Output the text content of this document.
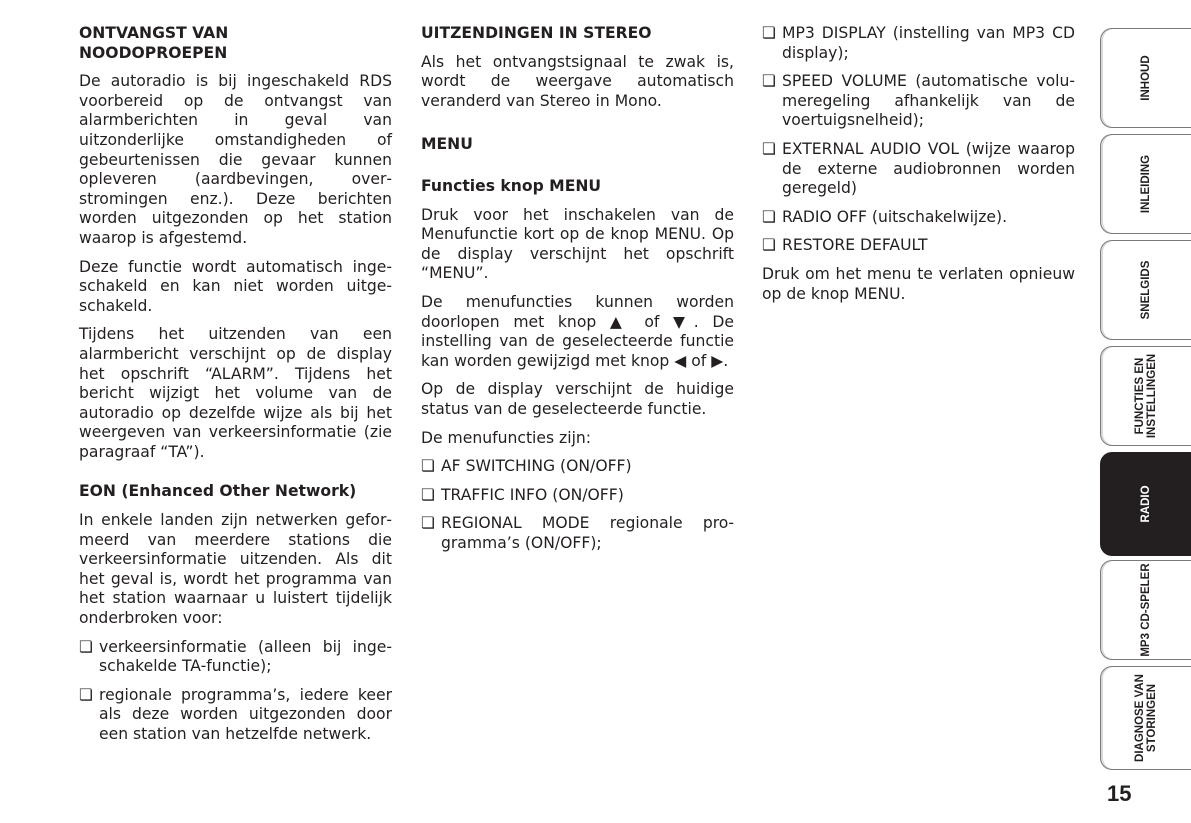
ONTVANGST VAN
NOODOPROEPEN
De autoradio is bij ingeschakeld RDS voorbereid op de ontvangst van alarmberichten in geval van uitzonderlijke omstandigheden of gebeurtenissen die gevaar kunnen opleveren (aardbevingen, overstromingen enz.). Deze berichten worden uitgezonden op het station waarop is afgestemd.
Deze functie wordt automatisch ingeschakeld en kan niet worden uitgeschakeld.
Tijdens het uitzenden van een alarmbericht verschijnt op de display het opschrift “ALARM”. Tijdens het bericht wijzigt het volume van de autoradio op dezelfde wijze als bij het weergeven van verkeersinformatie (zie paragraaf “TA”).
EON (Enhanced Other Network)
In enkele landen zijn netwerken geformeerd van meerdere stations die verkeersinformatie uitzenden. Als dit het geval is, wordt het programma van het station waarnaar u luistert tijdelijk onderbroken voor:
❏ verkeersinformatie (alleen bij ingeschakelde TA-functie);
❏ regionale programma’s, iedere keer als deze worden uitgezonden door een station van hetzelfde netwerk.
UITZENDINGEN IN STEREO
Als het ontvangstsignaal te zwak is, wordt de weergave automatisch veranderd van Stereo in Mono.
MENU
Functies knop MENU
Druk voor het inschakelen van de Menufunctie kort op de knop MENU. Op de display verschijnt het opschrift “MENU”.
De menufuncties kunnen worden doorlopen met knop ▲ of ▼. De instelling van de geselecteerde functie kan worden gewijzigd met knop ◀ of ▶.
Op de display verschijnt de huidige status van de geselecteerde functie.
De menufuncties zijn:
❏ AF SWITCHING (ON/OFF)
❏ TRAFFIC INFO (ON/OFF)
❏ REGIONAL MODE regionale programma’s (ON/OFF);
❏ MP3 DISPLAY (instelling van MP3 CD display);
❏ SPEED VOLUME (automatische volumeregeling afhankelijk van de voertuigsnelheid);
❏ EXTERNAL AUDIO VOL (wijze waarop de externe audiobronnen worden geregeld)
❏ RADIO OFF (uitschakelwijze).
❏ RESTORE DEFAULT
Druk om het menu te verlaten opnieuw op de knop MENU.
INHOUD
INLEIDING
SNELGIDS
FUNCTIES EN
INSTELLINGEN
RADIO
MP3 CD-SPELER
DIAGNOSE VAN
STORINGEN
15
